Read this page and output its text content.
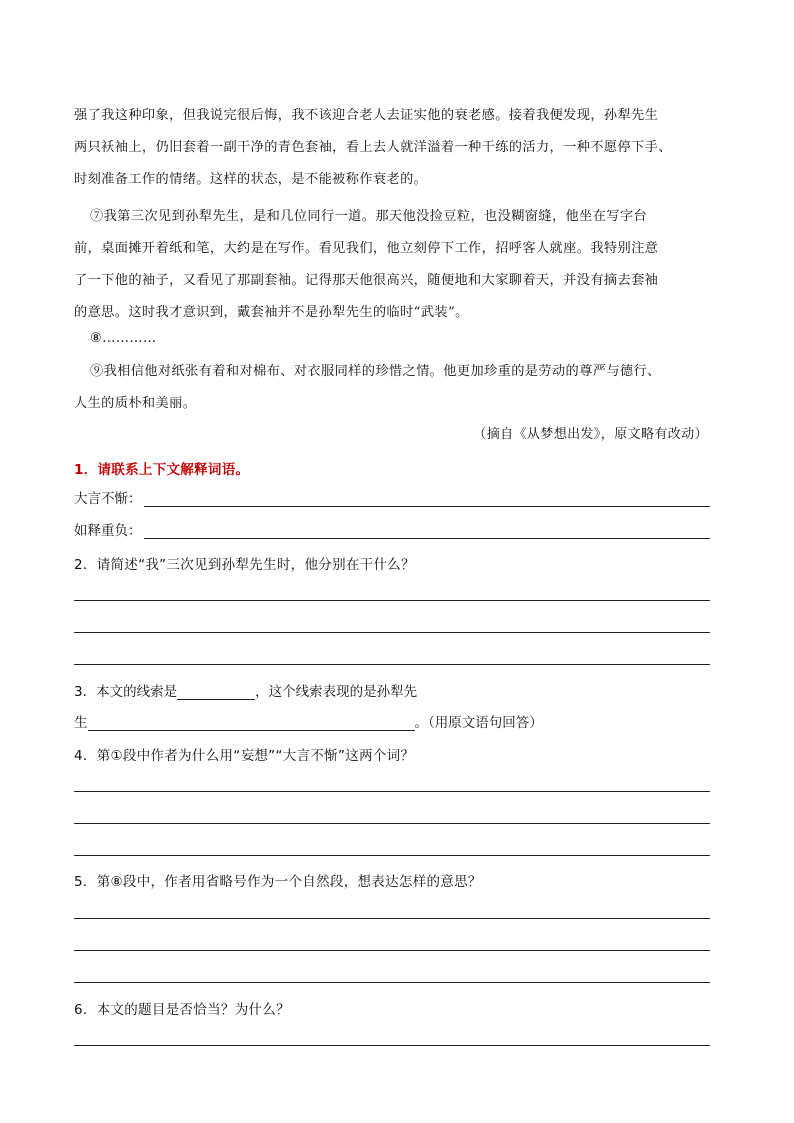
强了我这种印象，但我说完很后悔，我不该迎合老人去证实他的衰老感。接着我便发现，孙犁先生
两只袄袖上，仍旧套着一副干净的青色套袖，看上去人就洋溢着一种干练的活力，一种不愿停下手、
时刻准备工作的情绪。这样的状态，是不能被称作衰老的。
⑦我第三次见到孙犁先生，是和几位同行一道。那天他没捡豆粒，也没糊窗缝，他坐在写字台
前，桌面摊开着纸和笔，大约是在写作。看见我们，他立刻停下工作，招呼客人就座。我特别注意
了一下他的袖子，又看见了那副套袖。记得那天他很高兴，随便地和大家聊着天，并没有摘去套袖
的意思。这时我才意识到，戴套袖并不是孙犁先生的临时“武装”。
⑧…………
⑨我相信他对纸张有着和对棉布、对衣服同样的珍惜之情。他更加珍重的是劳动的尊严与德行、
人生的质朴和美丽。
（摘自《从梦想出发》，原文略有改动）
1．请联系上下文解释词语。
大言不惭：
如释重负：
2．请简述“我”三次见到孙犁先生时，他分别在干什么？
3．本文的线索是	，这个线索表现的是孙犁先
生	。（用原文语句回答）
4．第①段中作者为什么用“妄想”“大言不惭”这两个词？
5．第⑧段中，作者用省略号作为一个自然段，想表达怎样的意思？
6．本文的题目是否恰当？为什么？
